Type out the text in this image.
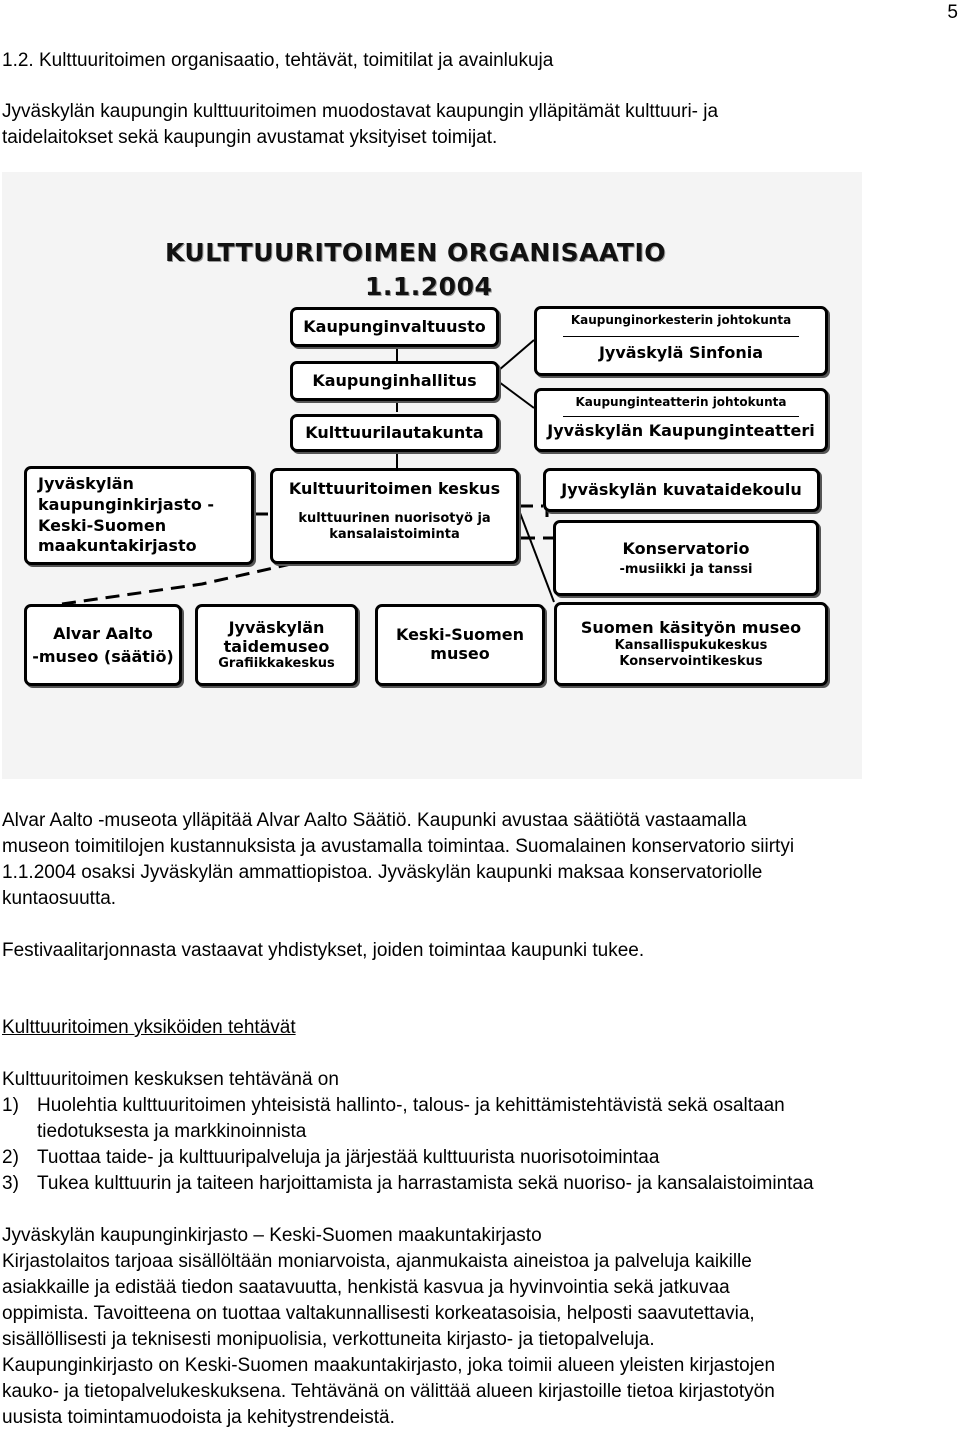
5
1.2. Kulttuuritoimen organisaatio, tehtävät, toimitilat ja avainlukuja
Jyväskylän kaupungin kulttuuritoimen muodostavat kaupungin ylläpitämät kulttuuri- ja
taidelaitokset sekä kaupungin avustamat yksityiset toimijat.
KULTTUURITOIMEN ORGANISAATIO
1.1.2004
Kaupunginvaltuusto
Kaupunginhallitus
Kulttuurilautakunta
Kaupunginorkesterin johtokunta
Jyväskylä Sinfonia
Kaupunginteatterin johtokunta
Jyväskylän Kaupunginteatteri
Jyväskylän
kaupunginkirjasto -
Keski-Suomen
maakuntakirjasto
Kulttuuritoimen keskus
kulttuurinen nuorisotyö ja
kansalaistoiminta
Jyväskylän kuvataidekoulu
Konservatorio
-musiikki ja tanssi
Alvar Aalto
-museo (säätiö)
Jyväskylän
taidemuseo
Grafiikkakeskus
Keski-Suomen
museo
Suomen käsityön museo
Kansallispukukeskus
Konservointikeskus
Alvar Aalto -museota ylläpitää Alvar Aalto Säätiö. Kaupunki avustaa säätiötä vastaamalla
museon toimitilojen kustannuksista ja avustamalla toimintaa. Suomalainen konservatorio siirtyi
1.1.2004 osaksi Jyväskylän ammattiopistoa. Jyväskylän kaupunki maksaa konservatoriolle
kuntaosuutta.
Festivaalitarjonnasta vastaavat yhdistykset, joiden toimintaa kaupunki tukee.
Kulttuuritoimen yksiköiden tehtävät
Kulttuuritoimen keskuksen tehtävänä on
1) Huolehtia kulttuuritoimen yhteisistä hallinto-, talous- ja kehittämistehtävistä sekä osaltaan
tiedotuksesta ja markkinoinnista
2) Tuottaa taide- ja kulttuuripalveluja ja järjestää kulttuurista nuorisotoimintaa
3) Tukea kulttuurin ja taiteen harjoittamista ja harrastamista sekä nuoriso- ja kansalaistoimintaa
Jyväskylän kaupunginkirjasto – Keski-Suomen maakuntakirjasto
Kirjastolaitos tarjoaa sisällöltään moniarvoista, ajanmukaista aineistoa ja palveluja kaikille
asiakkaille ja edistää tiedon saatavuutta, henkistä kasvua ja hyvinvointia sekä jatkuvaa
oppimista. Tavoitteena on tuottaa valtakunnallisesti korkeatasoisia, helposti saavutettavia,
sisällöllisesti ja teknisesti monipuolisia, verkottuneita kirjasto- ja tietopalveluja.
Kaupunginkirjasto on Keski-Suomen maakuntakirjasto, joka toimii alueen yleisten kirjastojen
kauko- ja tietopalvelukeskuksena. Tehtävänä on välittää alueen kirjastoille tietoa kirjastotyön
uusista toimintamuodoista ja kehitystrendeistä.
